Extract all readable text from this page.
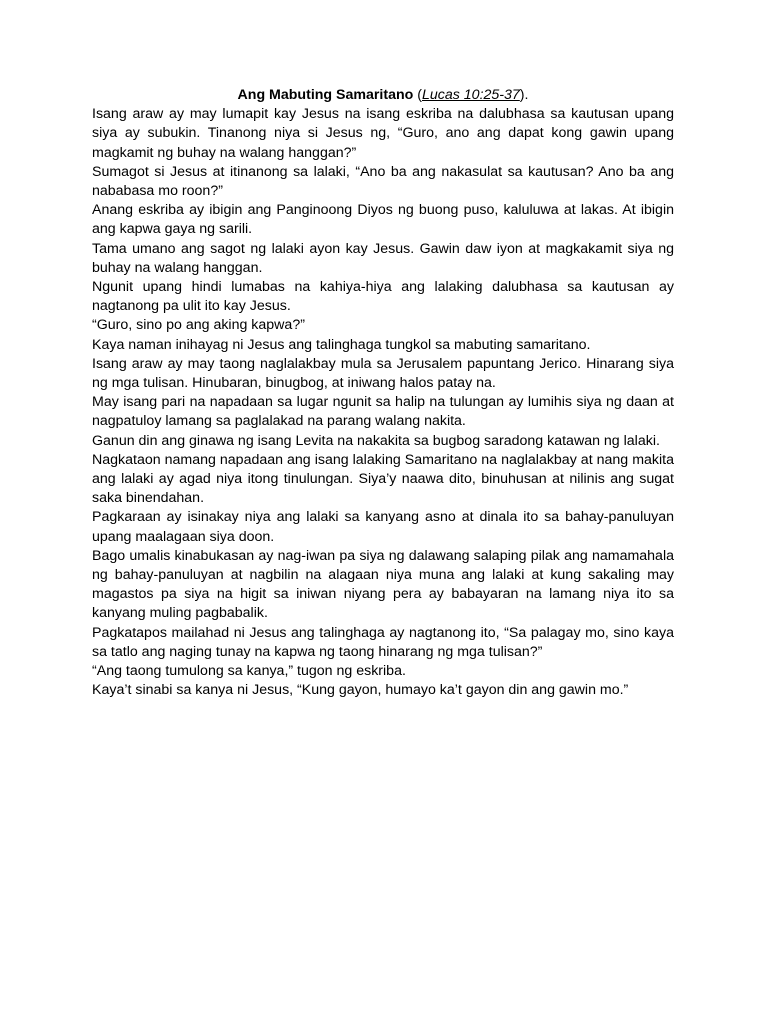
Ang Mabuting Samaritano (Lucas 10:25-37).

Isang araw ay may lumapit kay Jesus na isang eskriba na dalubhasa sa kautusan upang siya ay subukin. Tinanong niya si Jesus ng, “Guro, ano ang dapat kong gawin upang magkamit ng buhay na walang hanggan?”

Sumagot si Jesus at itinanong sa lalaki, “Ano ba ang nakasulat sa kautusan? Ano ba ang nababasa mo roon?”

Anang eskriba ay ibigin ang Panginoong Diyos ng buong puso, kaluluwa at lakas. At ibigin ang kapwa gaya ng sarili.

Tama umano ang sagot ng lalaki ayon kay Jesus. Gawin daw iyon at magkakamit siya ng buhay na walang hanggan.

Ngunit upang hindi lumabas na kahiya-hiya ang lalaking dalubhasa sa kautusan ay nagtanong pa ulit ito kay Jesus.

“Guro, sino po ang aking kapwa?”

Kaya naman inihayag ni Jesus ang talinghaga tungkol sa mabuting samaritano.

Isang araw ay may taong naglalakbay mula sa Jerusalem papuntang Jerico. Hinarang siya ng mga tulisan. Hinubaran, binugbog, at iniwang halos patay na.

May isang pari na napadaan sa lugar ngunit sa halip na tulungan ay lumihis siya ng daan at nagpatuloy lamang sa paglalakad na parang walang nakita.

Ganun din ang ginawa ng isang Levita na nakakita sa bugbog saradong katawan ng lalaki.

Nagkataon namang napadaan ang isang lalaking Samaritano na naglalakbay at nang makita ang lalaki ay agad niya itong tinulungan. Siya’y naawa dito, binuhusan at nilinis ang sugat saka binendahan.

Pagkaraan ay isinakay niya ang lalaki sa kanyang asno at dinala ito sa bahay-panuluyan upang maalagaan siya doon.

Bago umalis kinabukasan ay nag-iwan pa siya ng dalawang salaping pilak ang namamahala ng bahay-panuluyan at nagbilin na alagaan niya muna ang lalaki at kung sakaling may magastos pa siya na higit sa iniwan niyang pera ay babayaran na lamang niya ito sa kanyang muling pagbabalik.

Pagkatapos mailahad ni Jesus ang talinghaga ay nagtanong ito, “Sa palagay mo, sino kaya sa tatlo ang naging tunay na kapwa ng taong hinarang ng mga tulisan?”

“Ang taong tumulong sa kanya,” tugon ng eskriba.

Kaya’t sinabi sa kanya ni Jesus, “Kung gayon, humayo ka’t gayon din ang gawin mo.”
